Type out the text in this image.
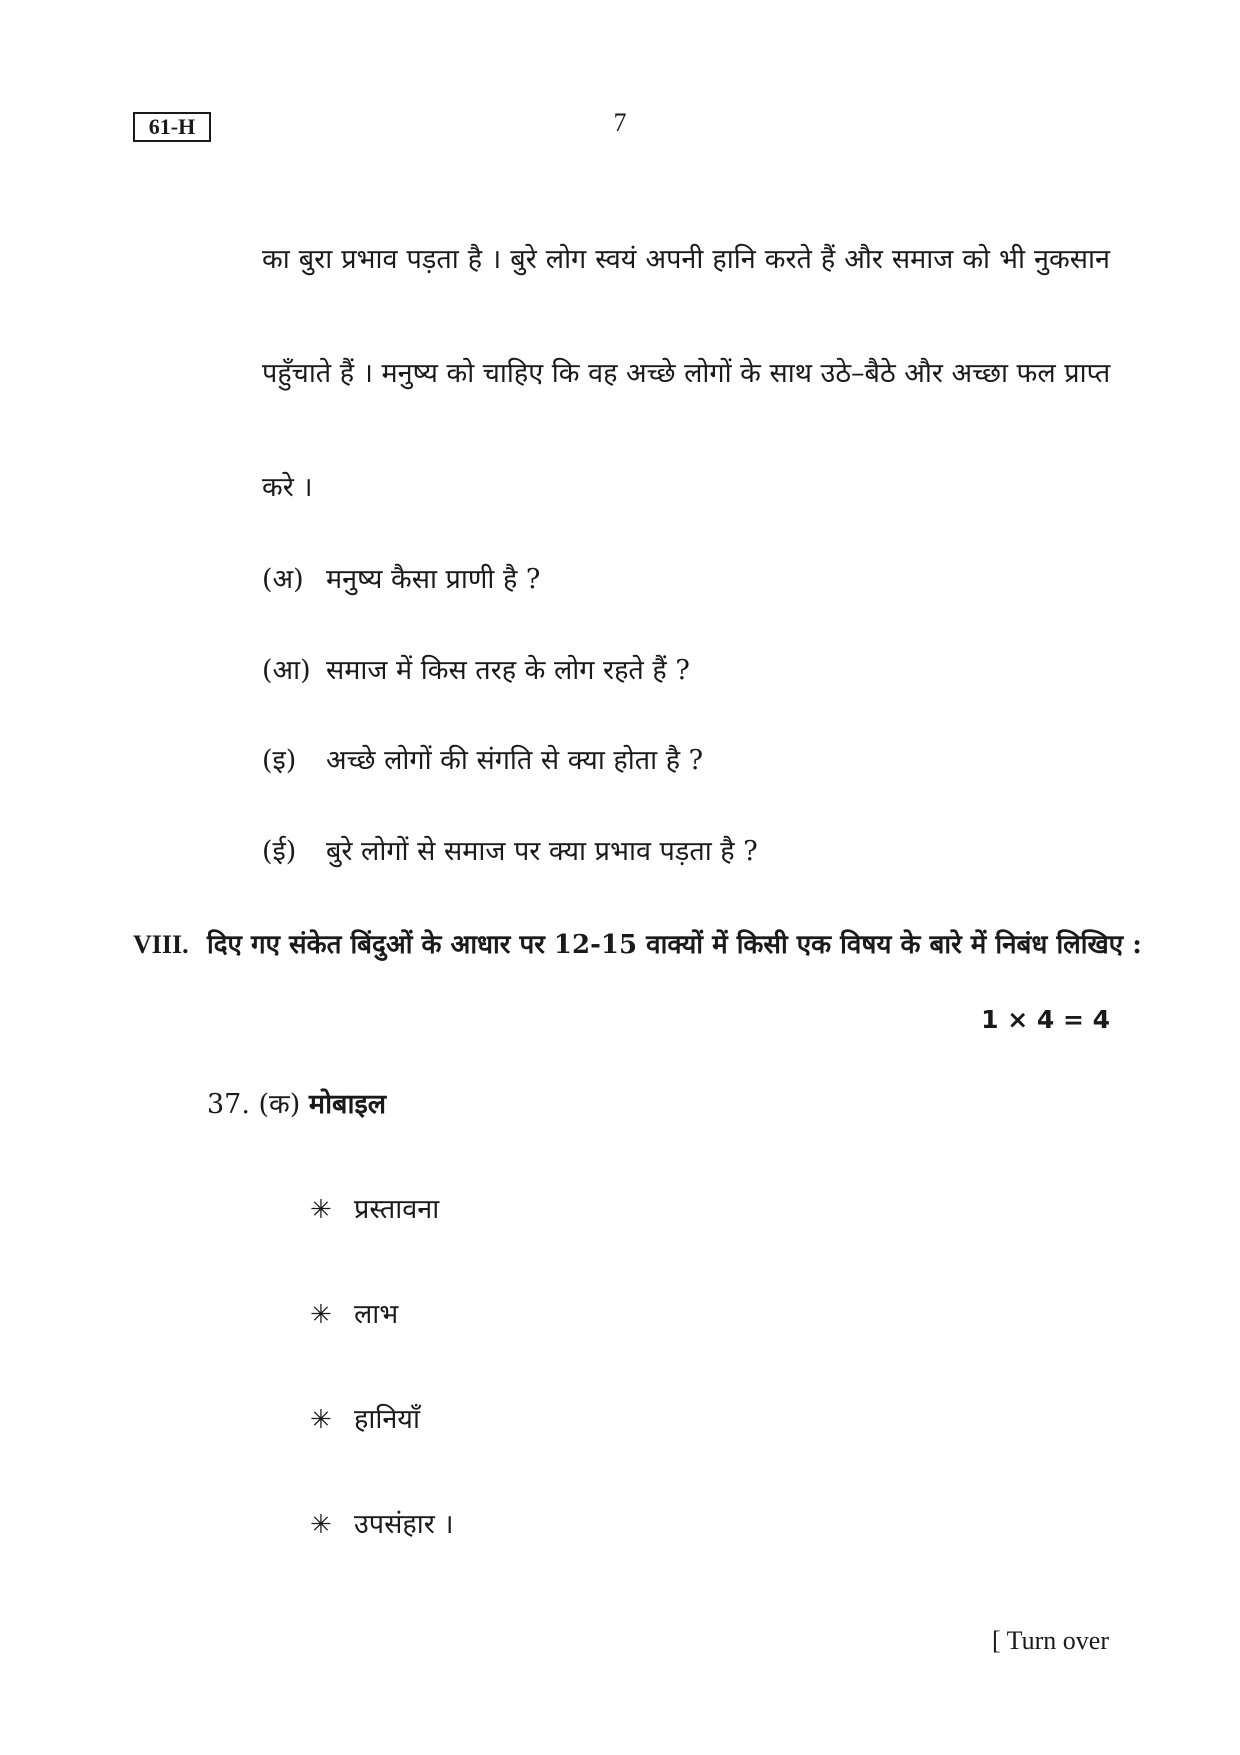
61-H	7
का बुरा प्रभाव पड़ता है । बुरे लोग स्वयं अपनी हानि करते हैं और समाज को भी नुकसान
पहुँचाते हैं । मनुष्य को चाहिए कि वह अच्छे लोगों के साथ उठे–बैठे और अच्छा फल प्राप्त
करे ।
(अ) मनुष्य कैसा प्राणी है ?
(आ) समाज में किस तरह के लोग रहते हैं ?
(इ) अच्छे लोगों की संगति से क्या होता है ?
(ई) बुरे लोगों से समाज पर क्या प्रभाव पड़ता है ?
VIII. दिए गए संकेत बिंदुओं के आधार पर 12-15 वाक्यों में किसी एक विषय के बारे में निबंध लिखिए :
1 × 4 = 4
37. (क) मोबाइल
✳ प्रस्तावना
✳ लाभ
✳ हानियाँ
✳ उपसंहार ।
[ Turn over
